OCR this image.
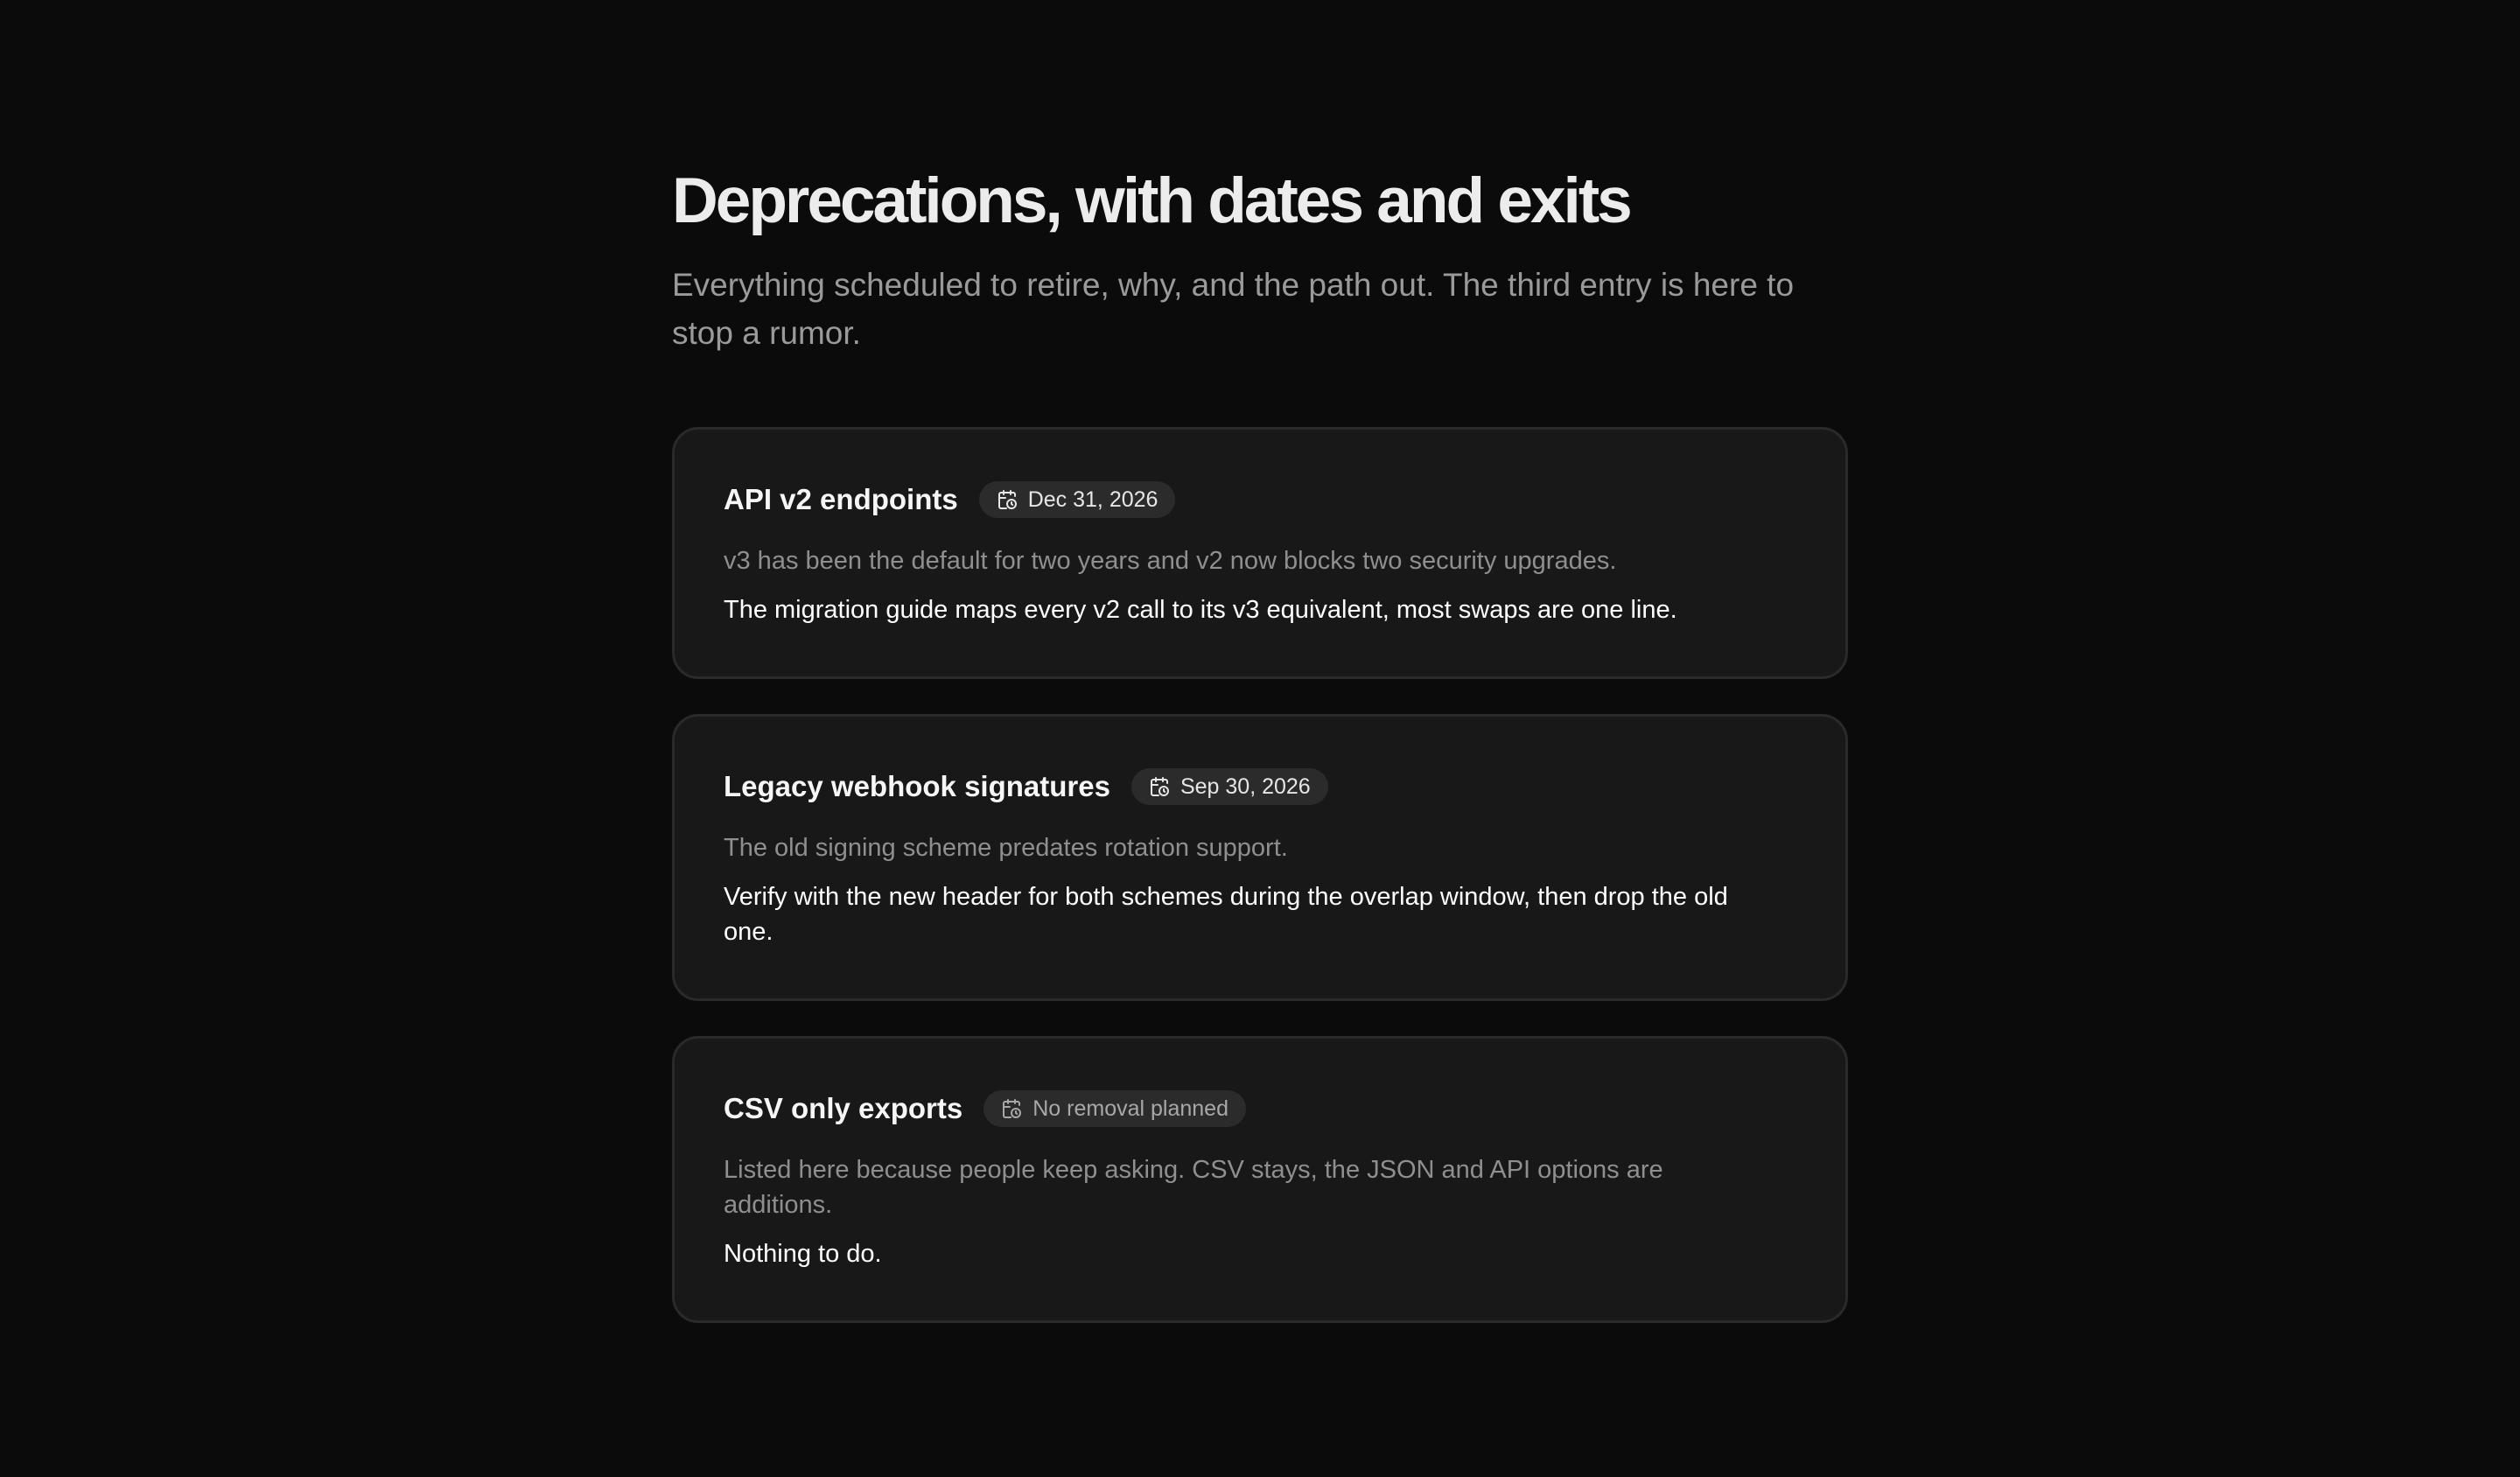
Deprecations, with dates and exits

Everything scheduled to retire, why, and the path out. The third entry is here to stop a rumor.

API v2 endpoints	Dec 31, 2026

v3 has been the default for two years and v2 now blocks two security upgrades.

The migration guide maps every v2 call to its v3 equivalent, most swaps are one line.

Legacy webhook signatures	Sep 30, 2026

The old signing scheme predates rotation support.

Verify with the new header for both schemes during the overlap window, then drop the old one.

CSV only exports	No removal planned

Listed here because people keep asking. CSV stays, the JSON and API options are additions.

Nothing to do.
